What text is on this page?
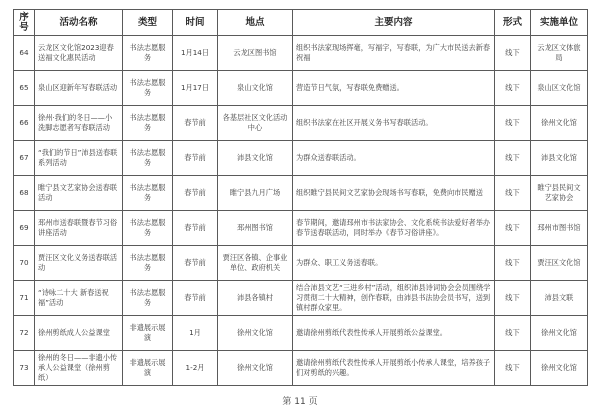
序号	活动名称	类型	时间	地点	主要内容	形式	实施单位
64	云龙区文化馆2023迎春送福文化惠民活动	书法志愿服务	1月14日	云龙区图书馆	组织书法家现场挥毫，写福字，写春联，为广大市民送去新春祝福	线下	云龙区文体旅局
65	泉山区迎新年写春联活动	书法志愿服务	1月17日	泉山文化馆	营造节日气氛，写春联免费赠送。	线下	泉山区文化馆
66	徐州·我们的冬日——小洗脚志愿者写春联活动	书法志愿服务	春节前	各基层社区文化活动中心	组织书法家在社区开展义务书写春联活动。	线下	徐州文化馆
67	“我们的节日”沛县送春联系列活动	书法志愿服务	春节前	沛县文化馆	为群众送春联活动。	线下	沛县文化馆
68	睢宁县文艺家协会送春联活动	书法志愿服务	春节前	睢宁县九月广场	组织睢宁县民间文艺家协会现场书写春联，免费向市民赠送	线下	睢宁县民间文艺家协会
69	邳州市送春联暨春节习俗讲座活动	书法志愿服务	春节前	邳州图书馆	春节期间，邀请邳州市书法家协会、文化系统书法爱好者举办春节送春联活动，同时举办《春节习俗讲座》。	线下	邳州市图书馆
70	贾汪区文化义务送春联活动	书法志愿服务	春节前	贾汪区各镇、企事业单位、政府机关	为群众、职工义务送春联。	线下	贾汪区文化馆
71	“诗咏二十大 新春送祝福”活动	书法志愿服务	春节前	沛县各镇村	结合沛县文艺“三进乡村”活动，组织沛县诗词协会会员围绕学习贯彻二十大精神，创作春联，由沛县书法协会员书写，送到镇村群众家里。	线下	沛县文联
72	徐州剪纸成人公益课堂	非遗展示展演	1月	徐州文化馆	邀请徐州剪纸代表性传承人开展剪纸公益课堂。	线下	徐州文化馆
73	徐州的冬日——非遗小传承人公益课堂（徐州剪纸）	非遗展示展演	1-2月	徐州文化馆	邀请徐州剪纸代表性传承人开展剪纸小传承人课堂，培养孩子们对剪纸的兴趣。	线下	徐州文化馆
第 11 页
